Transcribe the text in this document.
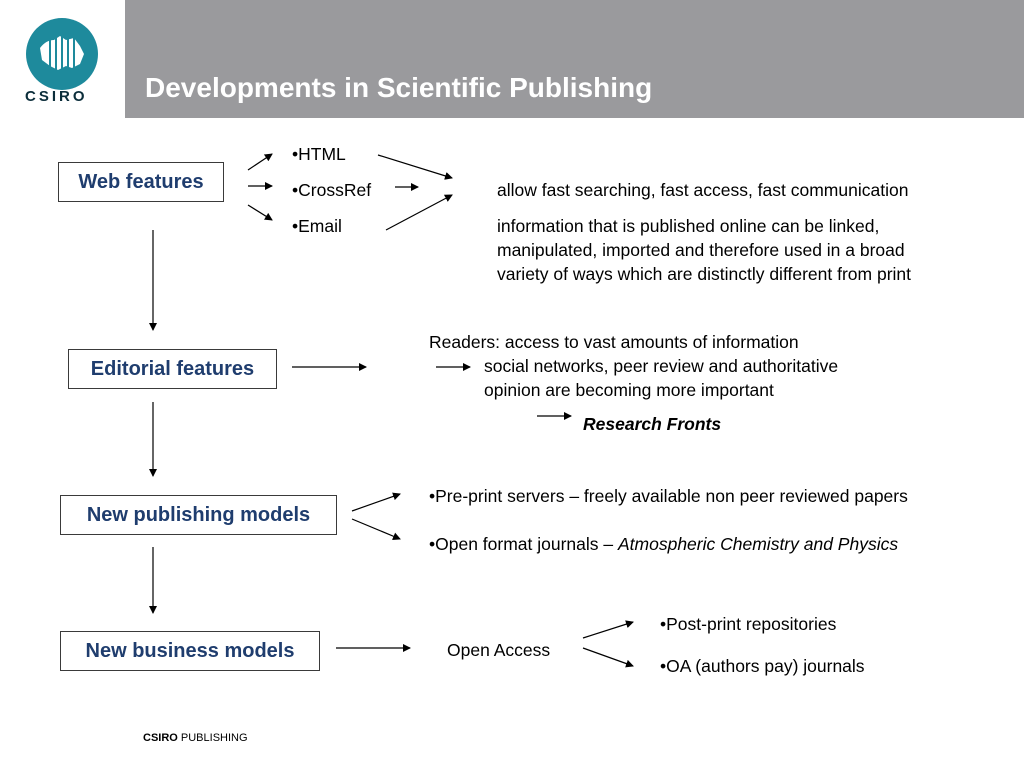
CSIRO Developments in Scientific Publishing
Web features
Editorial features
New publishing models
New business models
•HTML
•CrossRef
•Email
allow fast searching, fast access, fast communication
information that is published online can be linked,
manipulated, imported and therefore used in a broad
variety of ways which are distinctly different from print
Readers: access to vast amounts of information
social networks, peer review and authoritative
opinion are becoming more important
Research Fronts
•Pre-print servers – freely available non peer reviewed papers
•Open format journals – Atmospheric Chemistry and Physics
Open Access
•Post-print repositories
•OA (authors pay) journals
CSIRO PUBLISHING
